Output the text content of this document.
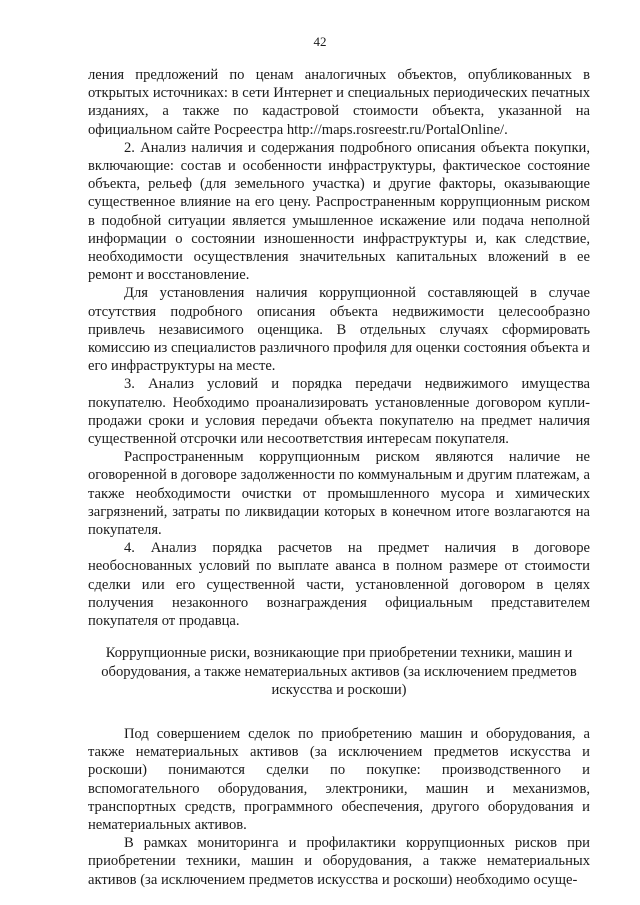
42

ления предложений по ценам аналогичных объектов, опубликованных в открытых источниках: в сети Интернет и специальных периодических печатных изданиях, а также по кадастровой стоимости объекта, указанной на официальном сайте Росреестра http://maps.rosreestr.ru/PortalOnline/.

2. Анализ наличия и содержания подробного описания объекта покупки, включающие: состав и особенности инфраструктуры, фактическое состояние объекта, рельеф (для земельного участка) и другие факторы, оказывающие существенное влияние на его цену. Распространенным коррупционным риском в подобной ситуации является умышленное искажение или подача неполной информации о состоянии изношенности инфраструктуры и, как следствие, необходимости осуществления значительных капитальных вложений в ее ремонт и восстановление.

Для установления наличия коррупционной составляющей в случае отсутствия подробного описания объекта недвижимости целесообразно привлечь независимого оценщика. В отдельных случаях сформировать комиссию из специалистов различного профиля для оценки состояния объекта и его инфраструктуры на месте.

3. Анализ условий и порядка передачи недвижимого имущества покупателю. Необходимо проанализировать установленные договором купли-продажи сроки и условия передачи объекта покупателю на предмет наличия существенной отсрочки или несоответствия интересам покупателя.

Распространенным коррупционным риском являются наличие не оговоренной в договоре задолженности по коммунальным и другим платежам, а также необходимости очистки от промышленного мусора и химических загрязнений, затраты по ликвидации которых в конечном итоге возлагаются на покупателя.

4. Анализ порядка расчетов на предмет наличия в договоре необоснованных условий по выплате аванса в полном размере от стоимости сделки или его существенной части, установленной договором в целях получения незаконного вознаграждения официальным представителем покупателя от продавца.

Коррупционные риски, возникающие при приобретении техники, машин и оборудования, а также нематериальных активов (за исключением предметов искусства и роскоши)

Под совершением сделок по приобретению машин и оборудования, а также нематериальных активов (за исключением предметов искусства и роскоши) понимаются сделки по покупке: производственного и вспомогательного оборудования, электроники, машин и механизмов, транспортных средств, программного обеспечения, другого оборудования и нематериальных активов.

В рамках мониторинга и профилактики коррупционных рисков при приобретении техники, машин и оборудования, а также нематериальных активов (за исключением предметов искусства и роскоши) необходимо осуще-
